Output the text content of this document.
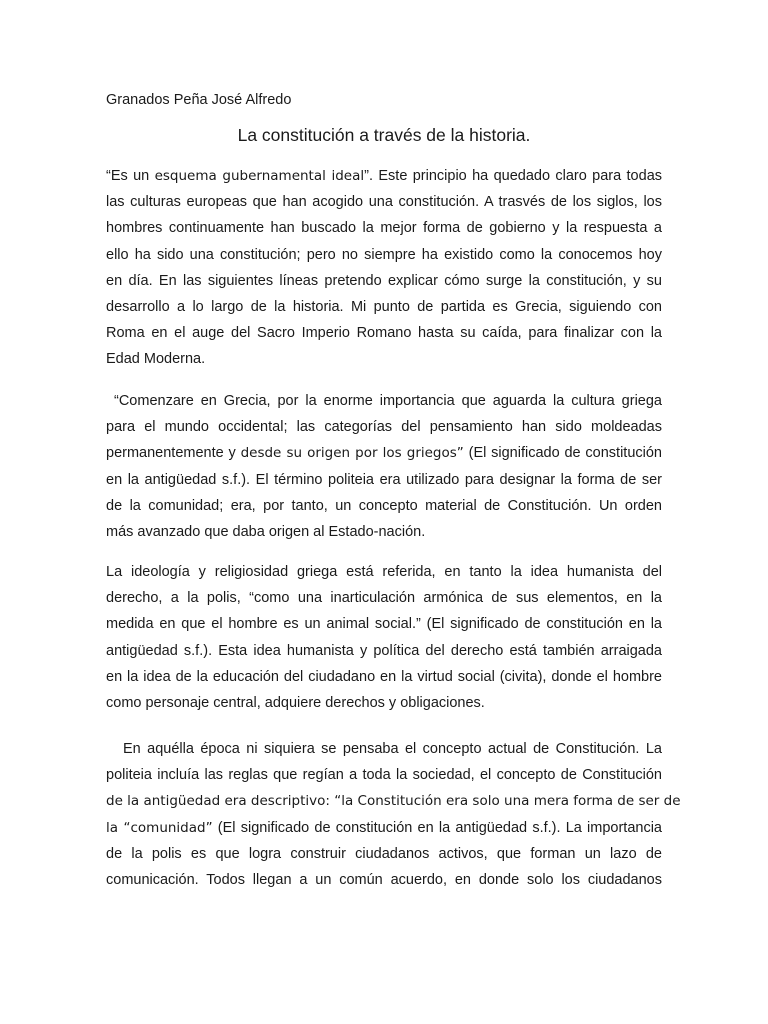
Granados Peña José Alfredo
La constitución a través de la historia.
“Es un esquema gubernamental ideal”. Este principio ha quedado claro para todas
las culturas europeas que han acogido una constitución. A trasvés de los siglos, los
hombres continuamente han buscado la mejor forma de gobierno y la respuesta a
ello ha sido una constitución; pero no siempre ha existido como la conocemos hoy
en día. En las siguientes líneas pretendo explicar cómo surge la constitución, y su
desarrollo a lo largo de la historia. Mi punto de partida es Grecia, siguiendo con
Roma en el auge del Sacro Imperio Romano hasta su caída, para finalizar con la
Edad Moderna.
“Comenzare en Grecia, por la enorme importancia que aguarda la cultura griega
para el mundo occidental; las categorías del pensamiento han sido moldeadas
permanentemente y desde su origen por los griegos” (El significado de constitución
en la antigüedad s.f.). El término politeia era utilizado para designar la forma de ser
de la comunidad; era, por tanto, un concepto material de Constitución. Un orden
más avanzado que daba origen al Estado-nación.
La ideología y religiosidad griega está referida, en tanto la idea humanista del
derecho, a la polis, “como una inarticulación armónica de sus elementos, en la
medida en que el hombre es un animal social.” (El significado de constitución en la
antigüedad s.f.). Esta idea humanista y política del derecho está también arraigada
en la idea de la educación del ciudadano en la virtud social (civita), donde el hombre
como personaje central, adquiere derechos y obligaciones.
En aquélla época ni siquiera se pensaba el concepto actual de Constitución. La
politeia incluía las reglas que regían a toda la sociedad, el concepto de Constitución
de la antigüedad era descriptivo: “la Constitución era solo una mera forma de ser de
la “comunidad” (El significado de constitución en la antigüedad s.f.). La importancia
de la polis es que logra construir ciudadanos activos, que forman un lazo de
comunicación. Todos llegan a un común acuerdo, en donde solo los ciudadanos
